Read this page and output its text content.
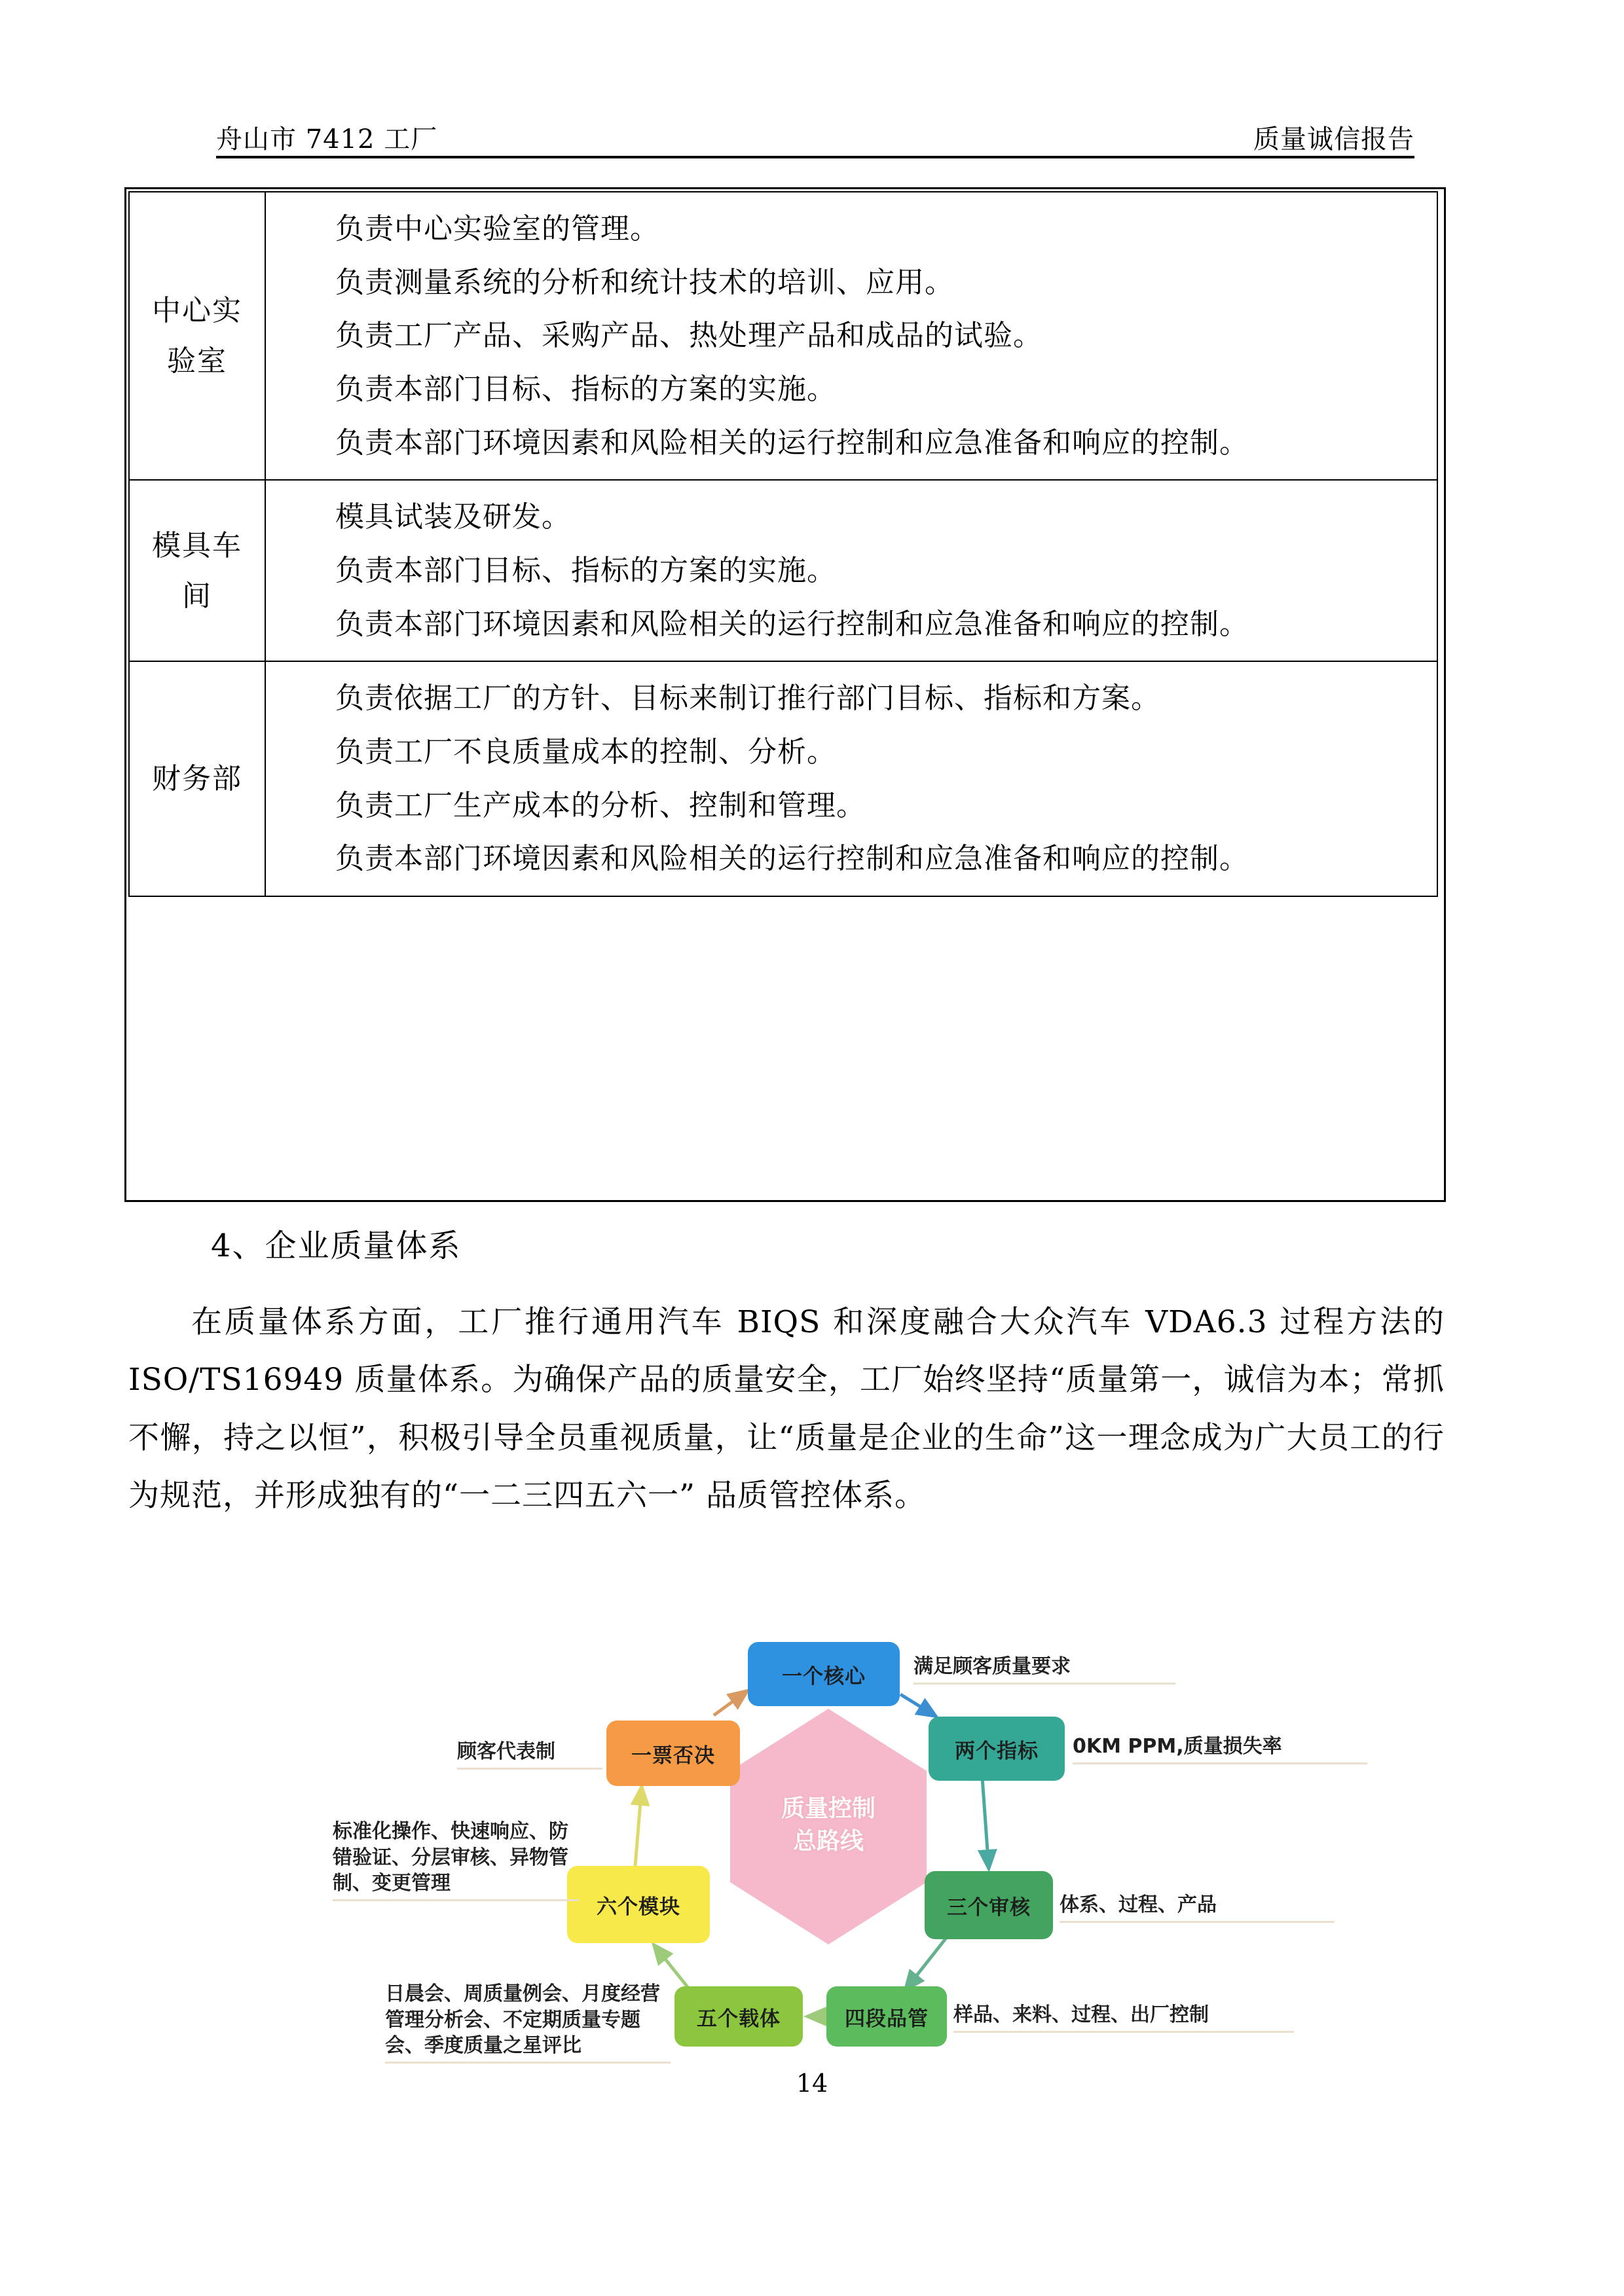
舟山市 7412 工厂	质量诚信报告
中心实验室	负责中心实验室的管理。

负责测量系统的分析和统计技术的培训、应用。

负责工厂产品、采购产品、热处理产品和成品的试验。

负责本部门目标、指标的方案的实施。

负责本部门环境因素和风险相关的运行控制和应急准备和响应的控制。

模具车间	模具试装及研发。

负责本部门目标、指标的方案的实施。

负责本部门环境因素和风险相关的运行控制和应急准备和响应的控制。

财务部	负责依据工厂的方针、目标来制订推行部门目标、指标和方案。

负责工厂不良质量成本的控制、分析。

负责工厂生产成本的分析、控制和管理。

负责本部门环境因素和风险相关的运行控制和应急准备和响应的控制。

4、企业质量体系
在质量体系方面，工厂推行通用汽车 BIQS 和深度融合大众汽车 VDA6.3 过程方法的 ISO/TS16949 质量体系。为确保产品的质量安全，工厂始终坚持“质量第一，诚信为本；常抓不懈，持之以恒”，积极引导全员重视质量，让“质量是企业的生命”这一理念成为广大员工的行为规范，并形成独有的“一二三四五六一” 品质管控体系。
质量控制
总路线
一个核心	满足顾客质量要求
两个指标	0KM PPM,质量损失率
三个审核	体系、过程、产品
四段品管	样品、来料、过程、出厂控制
五个载体
日晨会、周质量例会、月度经营管理分析会、不定期质量专题会、季度质量之星评比
六个模块
标准化操作、快速响应、防错验证、分层审核、异物管制、变更管理
一票否决
顾客代表制
14
